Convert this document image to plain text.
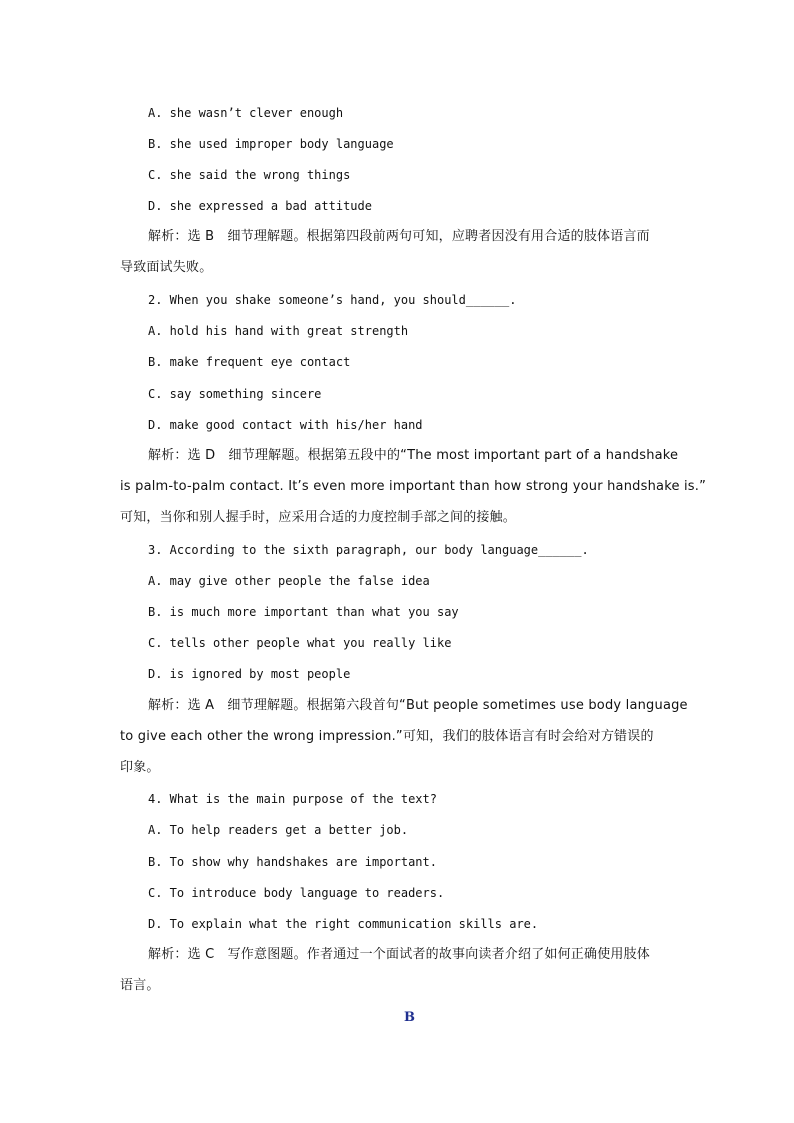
A. she wasn’t clever enough
B. she used improper body language
C. she said the wrong things
D. she expressed a bad attitude
解析：选 B　细节理解题。根据第四段前两句可知，应聘者因没有用合适的肢体语言而
导致面试失败。
2. When you shake someone’s hand, you should______.
A. hold his hand with great strength
B. make frequent eye contact
C. say something sincere
D. make good contact with his/her hand
解析：选 D　细节理解题。根据第五段中的“The most important part of a handshake
is palm-to-palm contact. It’s even more important than how strong your handshake is.”
可知，当你和别人握手时，应采用合适的力度控制手部之间的接触。
3. According to the sixth paragraph, our body language______.
A. may give other people the false idea
B. is much more important than what you say
C. tells other people what you really like
D. is ignored by most people
解析：选 A　细节理解题。根据第六段首句“But people sometimes use body language
to give each other the wrong impression.”可知，我们的肢体语言有时会给对方错误的
印象。
4. What is the main purpose of the text?
A. To help readers get a better job.
B. To show why handshakes are important.
C. To introduce body language to readers.
D. To explain what the right communication skills are.
解析：选 C　写作意图题。作者通过一个面试者的故事向读者介绍了如何正确使用肢体
语言。
B
